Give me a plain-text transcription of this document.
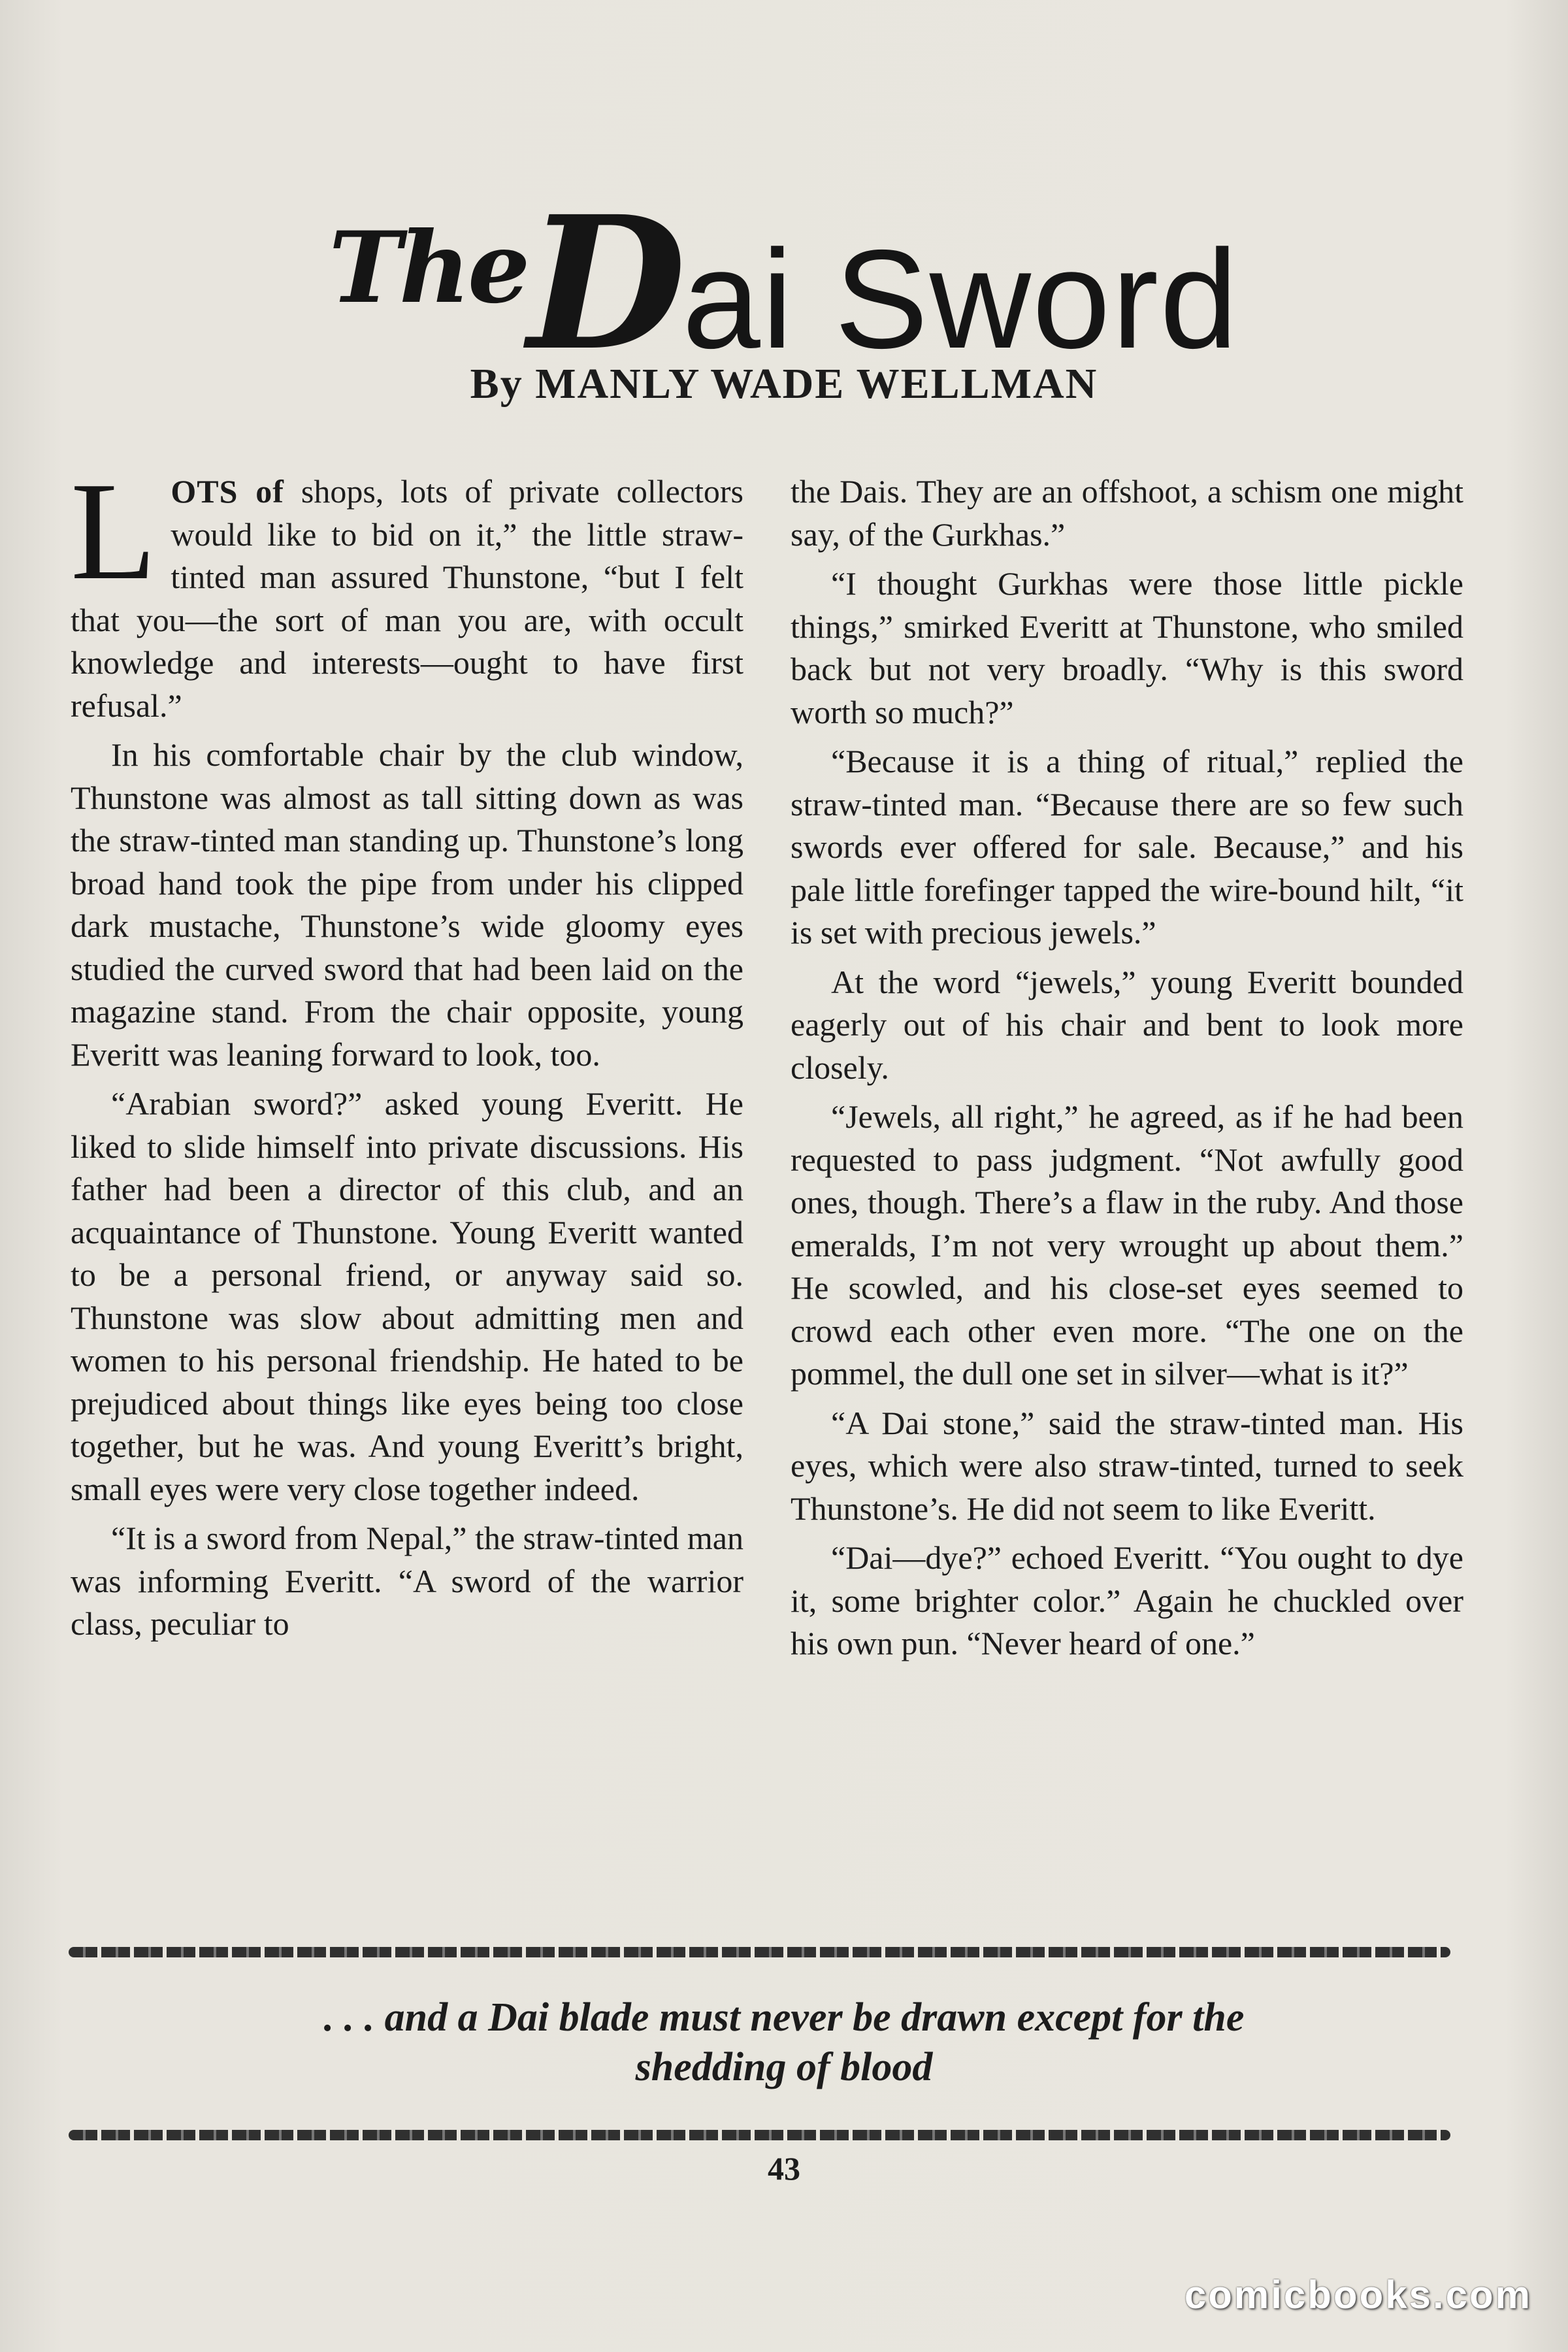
TheDai Sword
By MANLY WADE WELLMAN

LOTS of shops, lots of private collectors would like to bid on it,” the little straw-tinted man assured Thunstone, “but I felt that you—the sort of man you are, with occult knowledge and interests—ought to have first refusal.”

In his comfortable chair by the club window, Thunstone was almost as tall sitting down as was the straw-tinted man standing up. Thunstone’s long broad hand took the pipe from under his clipped dark mustache, Thunstone’s wide gloomy eyes studied the curved sword that had been laid on the magazine stand. From the chair opposite, young Everitt was leaning forward to look, too.

“Arabian sword?” asked young Everitt. He liked to slide himself into private discussions. His father had been a director of this club, and an acquaintance of Thunstone. Young Everitt wanted to be a personal friend, or anyway said so. Thunstone was slow about admitting men and women to his personal friendship. He hated to be prejudiced about things like eyes being too close together, but he was. And young Everitt’s bright, small eyes were very close together indeed.

“It is a sword from Nepal,” the straw-tinted man was informing Everitt. “A sword of the warrior class, peculiar to

the Dais. They are an offshoot, a schism one might say, of the Gurkhas.”

“I thought Gurkhas were those little pickle things,” smirked Everitt at Thunstone, who smiled back but not very broadly. “Why is this sword worth so much?”

“Because it is a thing of ritual,” replied the straw-tinted man. “Because there are so few such swords ever offered for sale. Because,” and his pale little forefinger tapped the wire-bound hilt, “it is set with precious jewels.”

At the word “jewels,” young Everitt bounded eagerly out of his chair and bent to look more closely.

“Jewels, all right,” he agreed, as if he had been requested to pass judgment. “Not awfully good ones, though. There’s a flaw in the ruby. And those emeralds, I’m not very wrought up about them.” He scowled, and his close-set eyes seemed to crowd each other even more. “The one on the pommel, the dull one set in silver—what is it?”

“A Dai stone,” said the straw-tinted man. His eyes, which were also straw-tinted, turned to seek Thunstone’s. He did not seem to like Everitt.

“Dai—dye?” echoed Everitt. “You ought to dye it, some brighter color.” Again he chuckled over his own pun. “Never heard of one.”

. . . and a Dai blade must never be drawn except for the
shedding of blood
43
comicbooks.com
